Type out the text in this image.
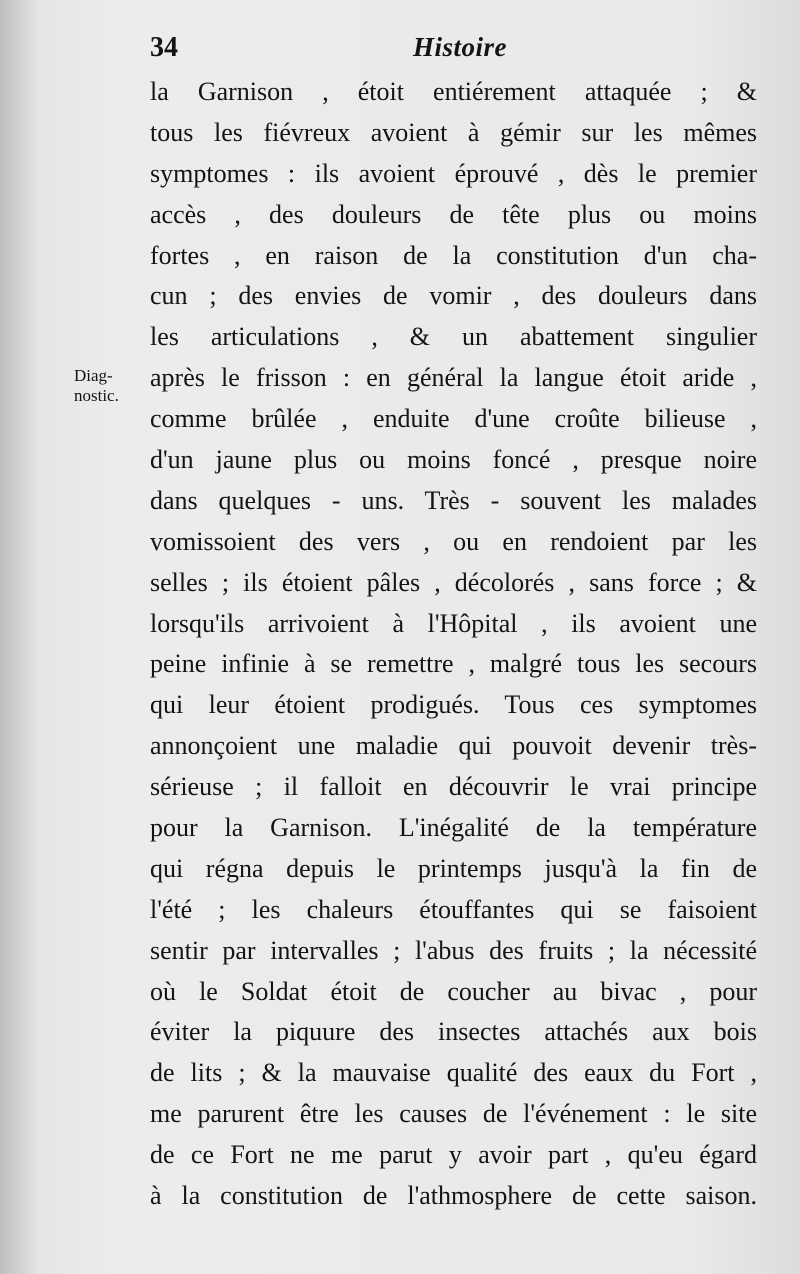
34	Histoire
Diag-
nostic.
la Garnison , étoit entiérement attaquée ; &
tous les fiévreux avoient à gémir sur les mêmes
symptomes : ils avoient éprouvé , dès le premier
accès , des douleurs de tête plus ou moins
fortes , en raison de la constitution d'un cha-
cun ; des envies de vomir , des douleurs dans
les articulations , & un abattement singulier
après le frisson : en général la langue étoit aride ,
comme brûlée , enduite d'une croûte bilieuse ,
d'un jaune plus ou moins foncé , presque noire
dans quelques - uns. Très - souvent les malades
vomissoient des vers , ou en rendoient par les
selles ; ils étoient pâles , décolorés , sans force ; &
lorsqu'ils arrivoient à l'Hôpital , ils avoient une
peine infinie à se remettre , malgré tous les secours
qui leur étoient prodigués. Tous ces symptomes
annonçoient une maladie qui pouvoit devenir très-
sérieuse ; il falloit en découvrir le vrai principe
pour la Garnison. L'inégalité de la température
qui régna depuis le printemps jusqu'à la fin de
l'été ; les chaleurs étouffantes qui se faisoient
sentir par intervalles ; l'abus des fruits ; la nécessité
où le Soldat étoit de coucher au bivac , pour
éviter la piquure des insectes attachés aux bois
de lits ; & la mauvaise qualité des eaux du Fort ,
me parurent être les causes de l'événement : le site
de ce Fort ne me parut y avoir part , qu'eu égard
à la constitution de l'athmosphere de cette saison.
